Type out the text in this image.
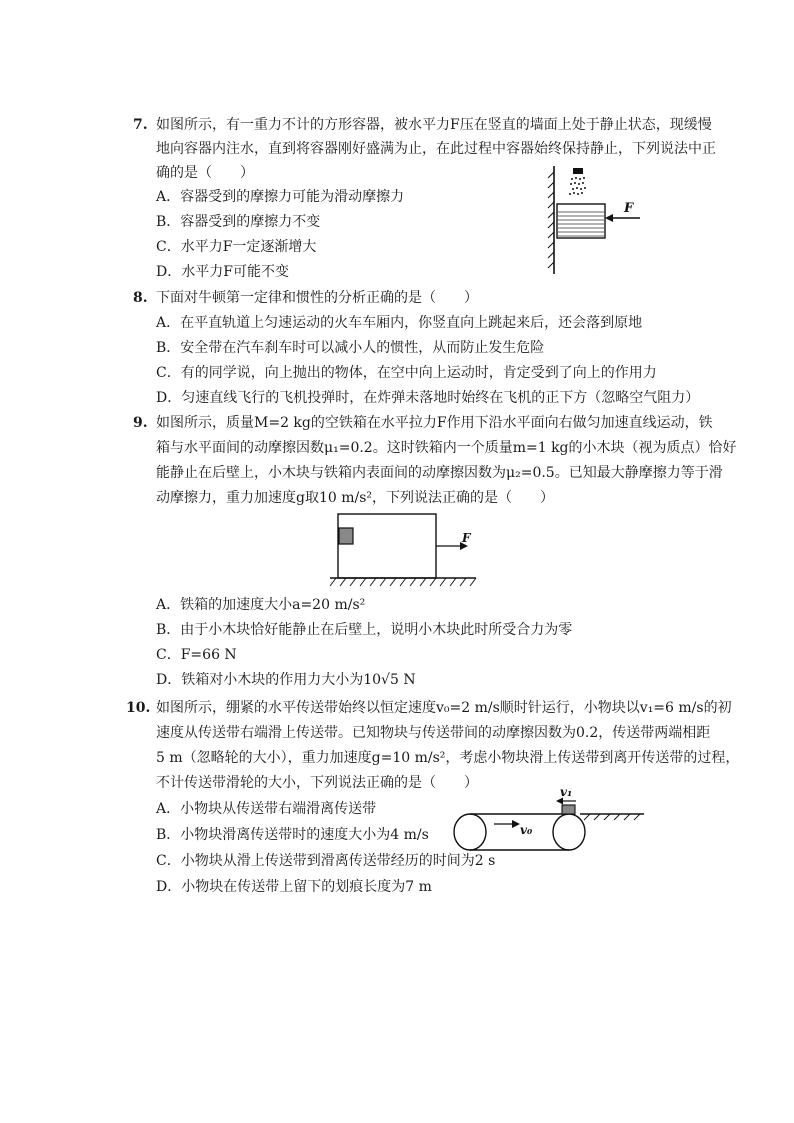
7. 如图所示，有一重力不计的方形容器，被水平力F压在竖直的墙面上处于静止状态，现缓慢
地向容器内注水，直到将容器刚好盛满为止，在此过程中容器始终保持静止，下列说法中正
确的是（　　）
A．容器受到的摩擦力可能为滑动摩擦力
B．容器受到的摩擦力不变
C．水平力F一定逐渐增大
D．水平力F可能不变
F
8. 下面对牛顿第一定律和惯性的分析正确的是（　　）
A．在平直轨道上匀速运动的火车车厢内，你竖直向上跳起来后，还会落到原地
B．安全带在汽车刹车时可以减小人的惯性，从而防止发生危险
C．有的同学说，向上抛出的物体，在空中向上运动时，肯定受到了向上的作用力
D．匀速直线飞行的飞机投弹时，在炸弹未落地时始终在飞机的正下方（忽略空气阻力）
9. 如图所示，质量M=2 kg的空铁箱在水平拉力F作用下沿水平面向右做匀加速直线运动，铁
箱与水平面间的动摩擦因数μ₁=0.2。这时铁箱内一个质量m=1 kg的小木块（视为质点）恰好
能静止在后壁上，小木块与铁箱内表面间的动摩擦因数为μ₂=0.5。已知最大静摩擦力等于滑
动摩擦力，重力加速度g取10 m/s²，下列说法正确的是（　　）
F
A．铁箱的加速度大小a=20 m/s²
B．由于小木块恰好能静止在后壁上，说明小木块此时所受合力为零
C．F=66 N
D．铁箱对小木块的作用力大小为10√5 N
10. 如图所示，绷紧的水平传送带始终以恒定速度v₀=2 m/s顺时针运行，小物块以v₁=6 m/s的初
速度从传送带右端滑上传送带。已知物块与传送带间的动摩擦因数为0.2，传送带两端相距
5 m（忽略轮的大小），重力加速度g=10 m/s²，考虑小物块滑上传送带到离开传送带的过程，
不计传送带滑轮的大小，下列说法正确的是（　　）
A．小物块从传送带右端滑离传送带
B．小物块滑离传送带时的速度大小为4 m/s
C．小物块从滑上传送带到滑离传送带经历的时间为2 s
D．小物块在传送带上留下的划痕长度为7 m
v₀
v₁
